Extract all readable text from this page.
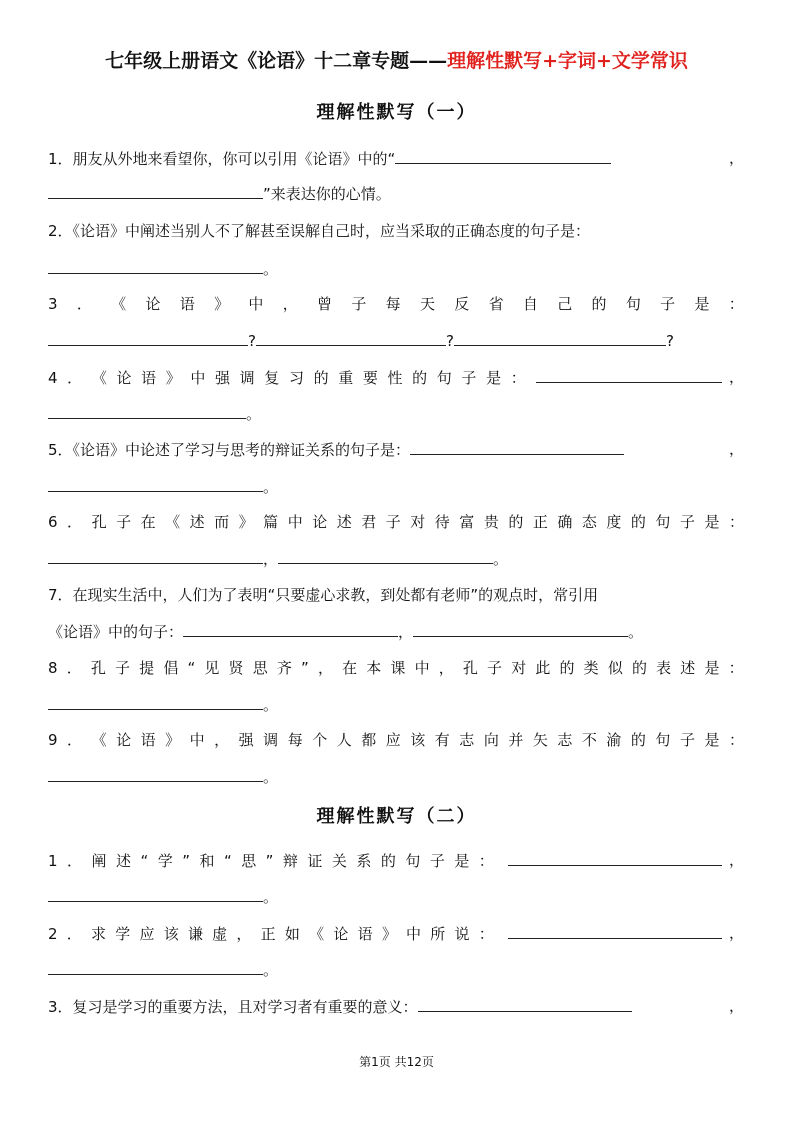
七年级上册语文《论语》十二章专题——理解性默写+字词+文学常识
理解性默写（一）
1．朋友从外地来看望你，你可以引用《论语》中的“	，
”来表达你的心情。
2．《论语》中阐述当别人不了解甚至误解自己时，应当采取的正确态度的句子是：
。
3 ． 《 论 语 》 中 ， 曾 子 每 天 反 省 自 己 的 句 子 是 ：
?	?	?
4 ． 《 论 语 》 中 强 调 复 习 的 重 要 性 的 句 子 是 ：	，
。
5．《论语》中论述了学习与思考的辩证关系的句子是：	，
。
6 ． 孔 子 在 《 述 而 》 篇 中 论 述 君 子 对 待 富 贵 的 正 确 态 度 的 句 子 是 ：
，	。
7．在现实生活中，人们为了表明“只要虚心求教，到处都有老师”的观点时，常引用
《论语》中的句子：	，	。
8 ． 孔 子 提 倡 “ 见 贤 思 齐 ” ， 在 本 课 中 ， 孔 子 对 此 的 类 似 的 表 述 是 ：
。
9 ． 《 论 语 》 中 ， 强 调 每 个 人 都 应 该 有 志 向 并 矢 志 不 渝 的 句 子 是 ：
。
理解性默写（二）
1 ． 阐 述 “ 学 ” 和 “ 思 ” 辩 证 关 系 的 句 子 是 ：	，
。
2 ． 求 学 应 该 谦 虚 ， 正 如 《 论 语 》 中 所 说 ：	，
。
3．复习是学习的重要方法，且对学习者有重要的意义：	，
第1页 共12页
